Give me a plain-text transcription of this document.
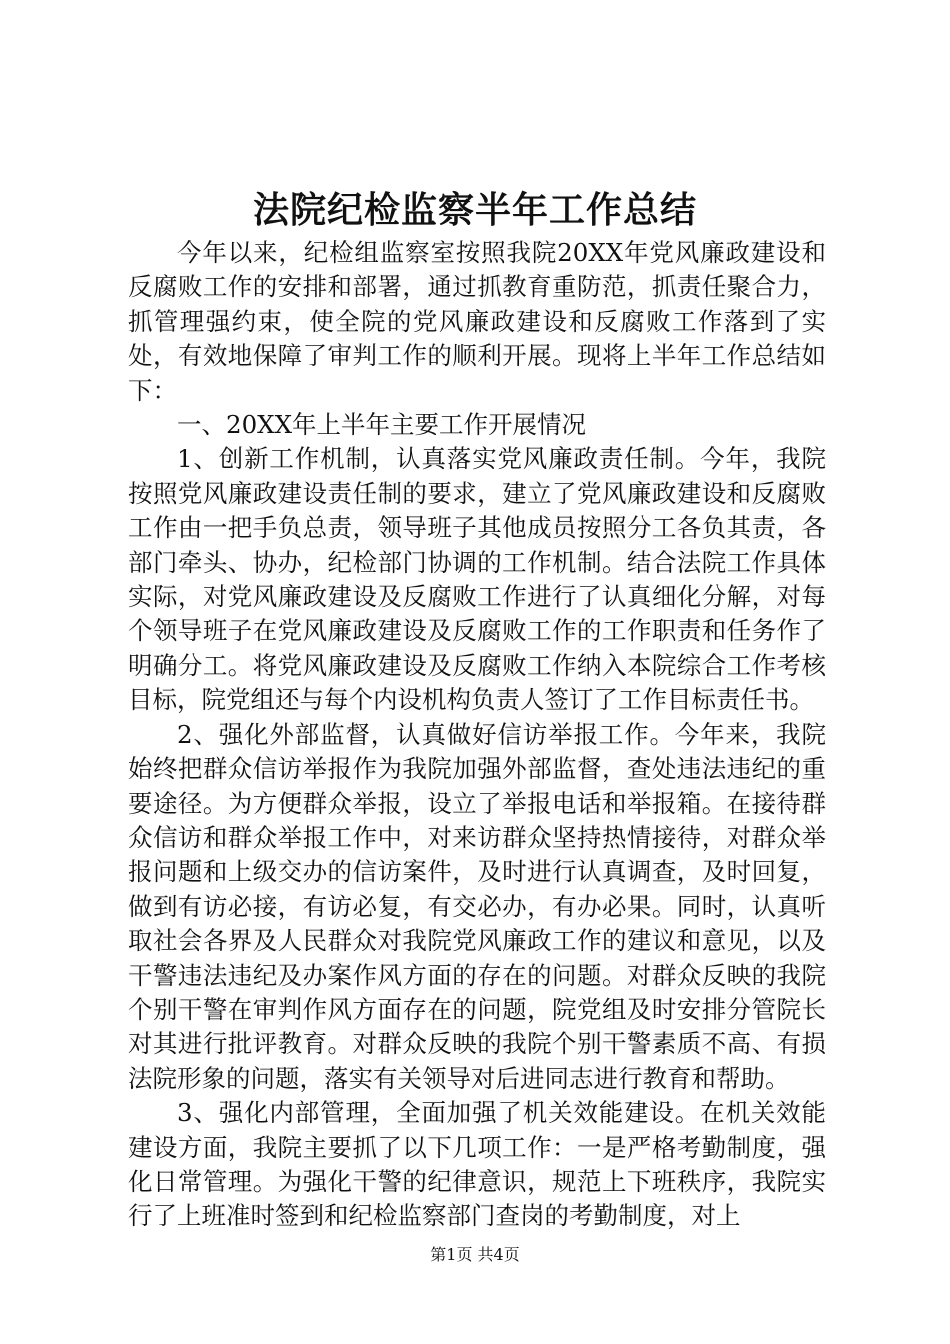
法院纪检监察半年工作总结

今年以来，纪检组监察室按照我院20XX年党风廉政建设和反腐败工作的安排和部署，通过抓教育重防范，抓责任聚合力，抓管理强约束，使全院的党风廉政建设和反腐败工作落到了实处，有效地保障了审判工作的顺利开展。现将上半年工作总结如下：

一、20XX年上半年主要工作开展情况

1、创新工作机制，认真落实党风廉政责任制。今年，我院按照党风廉政建设责任制的要求，建立了党风廉政建设和反腐败工作由一把手负总责，领导班子其他成员按照分工各负其责，各部门牵头、协办，纪检部门协调的工作机制。结合法院工作具体实际，对党风廉政建设及反腐败工作进行了认真细化分解，对每个领导班子在党风廉政建设及反腐败工作的工作职责和任务作了明确分工。将党风廉政建设及反腐败工作纳入本院综合工作考核目标，院党组还与每个内设机构负责人签订了工作目标责任书。

2、强化外部监督，认真做好信访举报工作。今年来，我院始终把群众信访举报作为我院加强外部监督，查处违法违纪的重要途径。为方便群众举报，设立了举报电话和举报箱。在接待群众信访和群众举报工作中，对来访群众坚持热情接待，对群众举报问题和上级交办的信访案件，及时进行认真调查，及时回复，做到有访必接，有访必复，有交必办，有办必果。同时，认真听取社会各界及人民群众对我院党风廉政工作的建议和意见，以及干警违法违纪及办案作风方面的存在的问题。对群众反映的我院个别干警在审判作风方面存在的问题，院党组及时安排分管院长对其进行批评教育。对群众反映的我院个别干警素质不高、有损法院形象的问题，落实有关领导对后进同志进行教育和帮助。

3、强化内部管理，全面加强了机关效能建设。在机关效能建设方面，我院主要抓了以下几项工作：一是严格考勤制度，强化日常管理。为强化干警的纪律意识，规范上下班秩序，我院实行了上班准时签到和纪检监察部门查岗的考勤制度，对上

第1页 共4页
